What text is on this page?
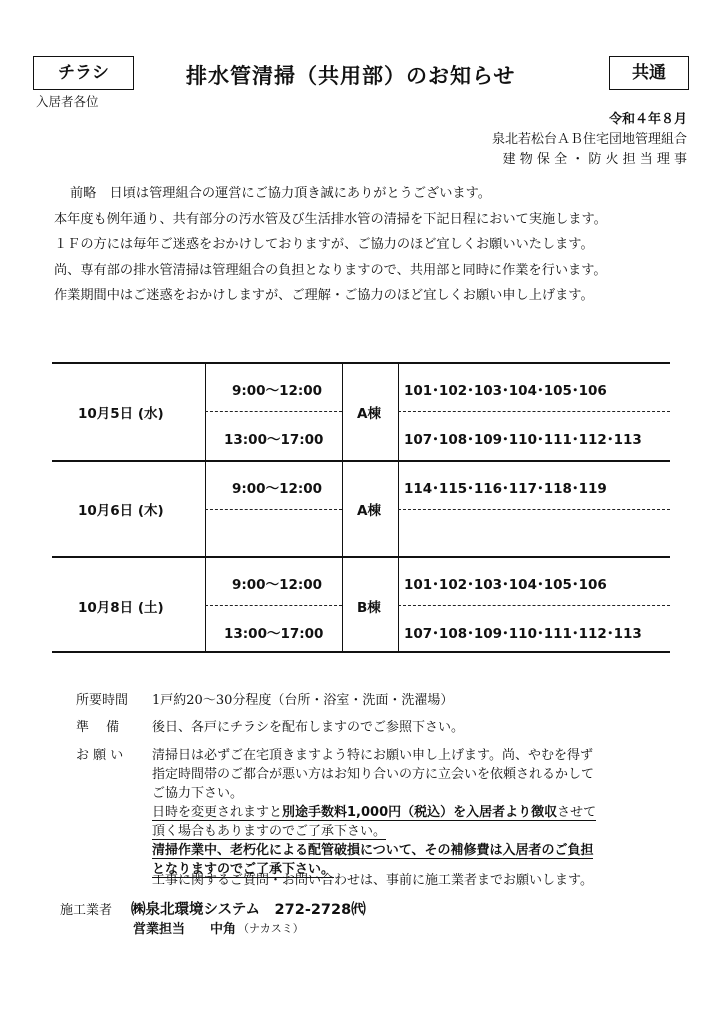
チラシ
入居者各位
排水管清掃（共用部）のお知らせ	共通
令和４年８月
泉北若松台ＡＢ住宅団地管理組合
建 物 保 全 ・ 防 火 担 当 理 事
前略　日頃は管理組合の運営にご協力頂き誠にありがとうございます。
本年度も例年通り、共有部分の汚水管及び生活排水管の清掃を下記日程において実施します。
１Ｆの方には毎年ご迷惑をおかけしておりますが、ご協力のほど宜しくお願いいたします。
尚、専有部の排水管清掃は管理組合の負担となりますので、共用部と同時に作業を行います。
作業期間中はご迷惑をおかけしますが、ご理解・ご協力のほど宜しくお願い申し上げます。
10月5日 (水)
9:00〜12:00
13:00〜17:00
A棟
101･102･103･104･105･106
107･108･109･110･111･112･113
10月6日 (木)
9:00〜12:00
A棟
114･115･116･117･118･119
10月8日 (土)
9:00〜12:00
13:00〜17:00
B棟
101･102･103･104･105･106
107･108･109･110･111･112･113
所要時間 1戸約20〜30分程度（台所・浴室・洗面・洗濯場）
準　 備	後日、各戸にチラシを配布しますのでご参照下さい。
お 願 い 清掃日は必ずご在宅頂きますよう特にお願い申し上げます。尚、やむを得ず
指定時間帯のご都合が悪い方はお知り合いの方に立会いを依頼されるかして
ご協力下さい。
日時を変更されますと別途手数料1,000円（税込）を入居者より徴収させて
頂く場合もありますのでご了承下さい。
清掃作業中、老朽化による配管破損について、その補修費は入居者のご負担
となりますのでご了承下さい。
工事に関するご質問・お問い合わせは、事前に施工業者までお願いします。
施工業者 ㈱泉北環境システム　272-2728㈹
営業担当 中角 （ナカスミ）
